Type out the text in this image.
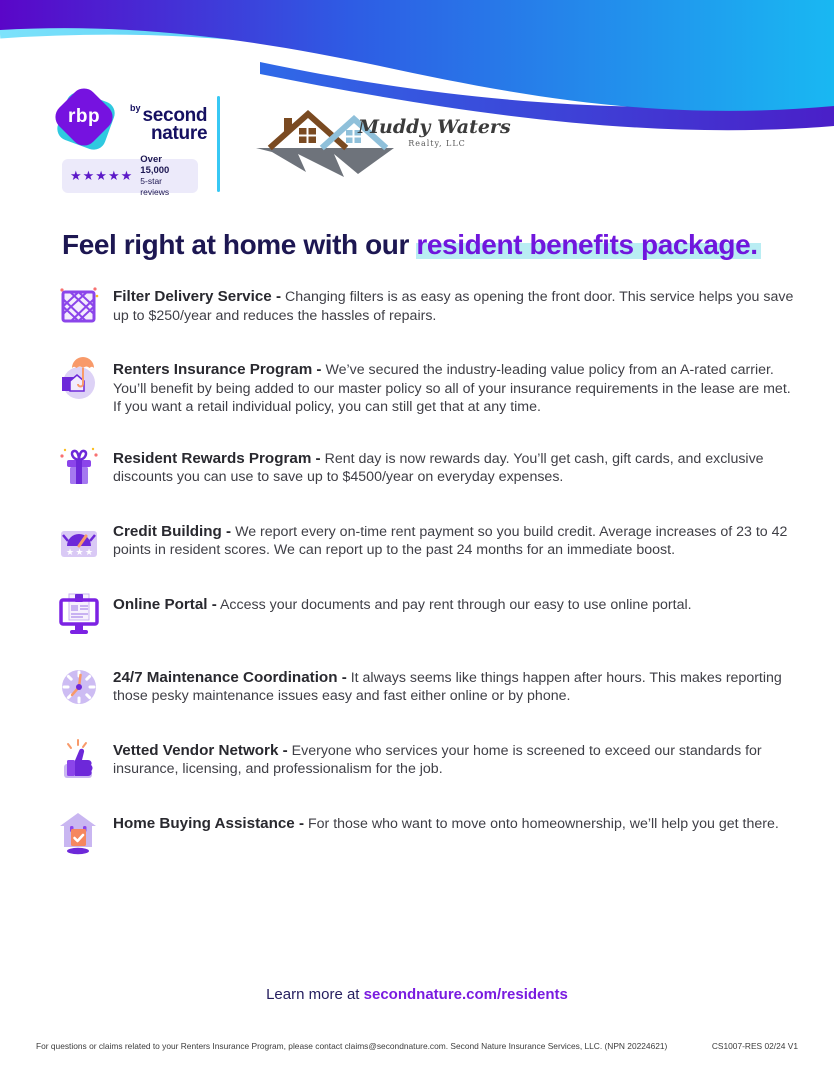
rbp	$^{by}$ second
nature
★★★★★
Over 15,000
5-star reviews
Muddy Waters
Realty, LLC
Feel right at home with our resident benefits package.
Filter Delivery Service - Changing filters is as easy as opening the front door. This service helps you save up to $250/year and reduces the hassles of repairs.
Renters Insurance Program - We’ve secured the industry-leading value policy from an A-rated carrier. You’ll benefit by being added to our master policy so all of your insurance requirements in the lease are met. If you want a retail individual policy, you can still get that at any time.
Resident Rewards Program - Rent day is now rewards day. You’ll get cash, gift cards, and exclusive discounts you can use to save up to $4500/year on everyday expenses.
★ ★ ★
Credit Building - We report every on-time rent payment so you build credit. Average increases of 23 to 42 points in resident scores. We can report up to the past 24 months for an immediate boost.
Online Portal - Access your documents and pay rent through our easy to use online portal.
24/7 Maintenance Coordination - It always seems like things happen after hours. This makes reporting those pesky maintenance issues easy and fast either online or by phone.
Vetted Vendor Network - Everyone who services your home is screened to exceed our standards for insurance, licensing, and professionalism for the job.
Home Buying Assistance - For those who want to move onto homeownership, we’ll help you get there.
Learn more at secondnature.com/residents
For questions or claims related to your Renters Insurance Program, please contact claims@secondnature.com. Second Nature Insurance Services, LLC. (NPN 20224621)	CS1007-RES 02/24 V1
